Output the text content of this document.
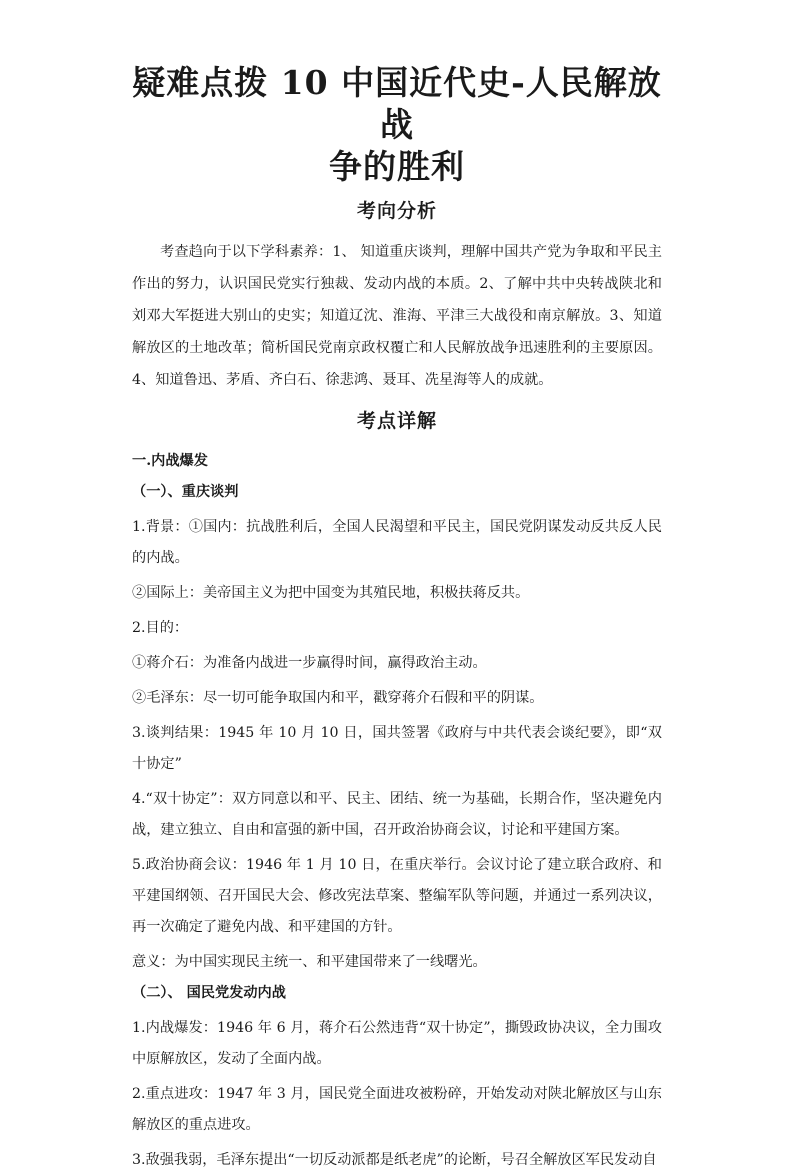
疑难点拨 10 中国近代史-人民解放战
争的胜利
考向分析

考查趋向于以下学科素养：1、 知道重庆谈判，理解中国共产党为争取和平民主作出的努力，认识国民党实行独裁、发动内战的本质。2、了解中共中央转战陕北和刘邓大军挺进大别山的史实；知道辽沈、淮海、平津三大战役和南京解放。3、知道解放区的土地改革；简析国民党南京政权覆亡和人民解放战争迅速胜利的主要原因。4、知道鲁迅、茅盾、齐白石、徐悲鸿、聂耳、冼星海等人的成就。

考点详解

一.内战爆发

（一）、重庆谈判

1.背景：①国内：抗战胜利后，全国人民渴望和平民主，国民党阴谋发动反共反人民的内战。

②国际上：美帝国主义为把中国变为其殖民地，积极扶蒋反共。

2.目的：

①蒋介石：为准备内战进一步赢得时间，赢得政治主动。

②毛泽东：尽一切可能争取国内和平，戳穿蒋介石假和平的阴谋。

3.谈判结果：1945 年 10 月 10 日，国共签署《政府与中共代表会谈纪要》，即“双十协定”

4.“双十协定”：双方同意以和平、民主、团结、统一为基础，长期合作，坚决避免内战，建立独立、自由和富强的新中国，召开政治协商会议，讨论和平建国方案。

5.政治协商会议：1946 年 1 月 10 日，在重庆举行。会议讨论了建立联合政府、和平建国纲领、召开国民大会、修改宪法草案、整编军队等问题，并通过一系列决议，再一次确定了避免内战、和平建国的方针。

意义：为中国实现民主统一、和平建国带来了一线曙光。

（二）、 国民党发动内战

1.内战爆发：1946 年 6 月，蒋介石公然违背“双十协定”，撕毁政协决议，全力围攻中原解放区，发动了全面内战。

2.重点进攻：1947 年 3 月，国民党全面进攻被粉碎，开始发动对陕北解放区与山东解放区的重点进攻。

3.敌强我弱，毛泽东提出“一切反动派都是纸老虎”的论断，号召全解放区军民发动自
